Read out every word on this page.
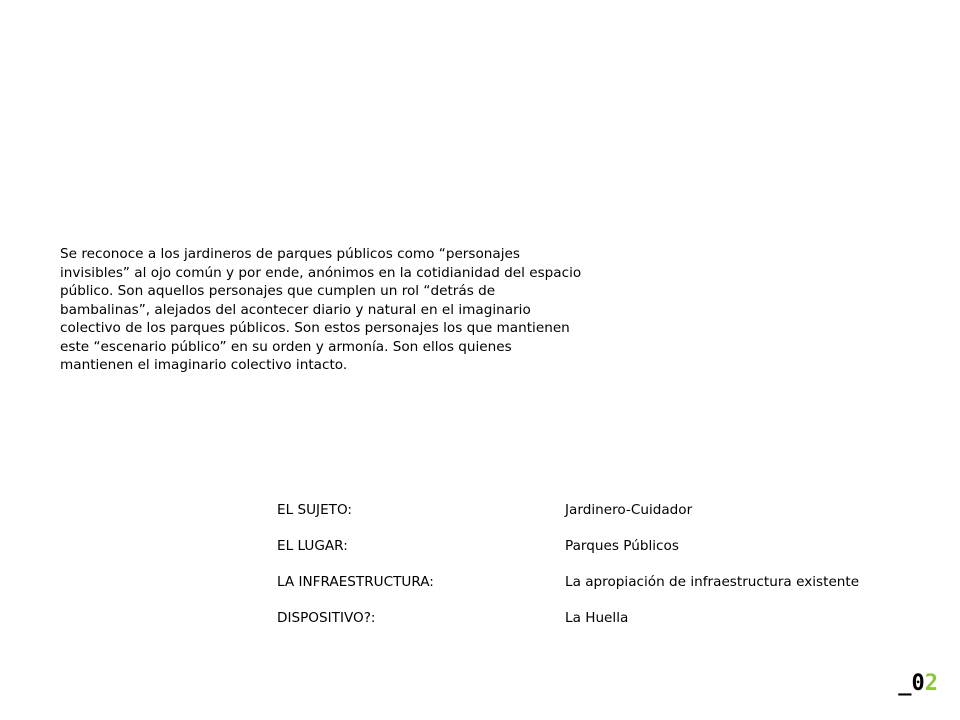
Se reconoce a los jardineros de parques públicos como “personajes
invisibles” al ojo común y por ende, anónimos en la cotidianidad del espacio
público. Son aquellos personajes que cumplen un rol “detrás de
bambalinas”, alejados del acontecer diario y natural en el imaginario
colectivo de los parques públicos. Son estos personajes los que mantienen
este “escenario público” en su orden y armonía. Son ellos quienes
mantienen el imaginario colectivo intacto.

EL SUJETO:	Jardinero-Cuidador
EL LUGAR:	Parques Públicos
LA INFRAESTRUCTURA:	La apropiación de infraestructura existente
DISPOSITIVO?:	La Huella
_02
